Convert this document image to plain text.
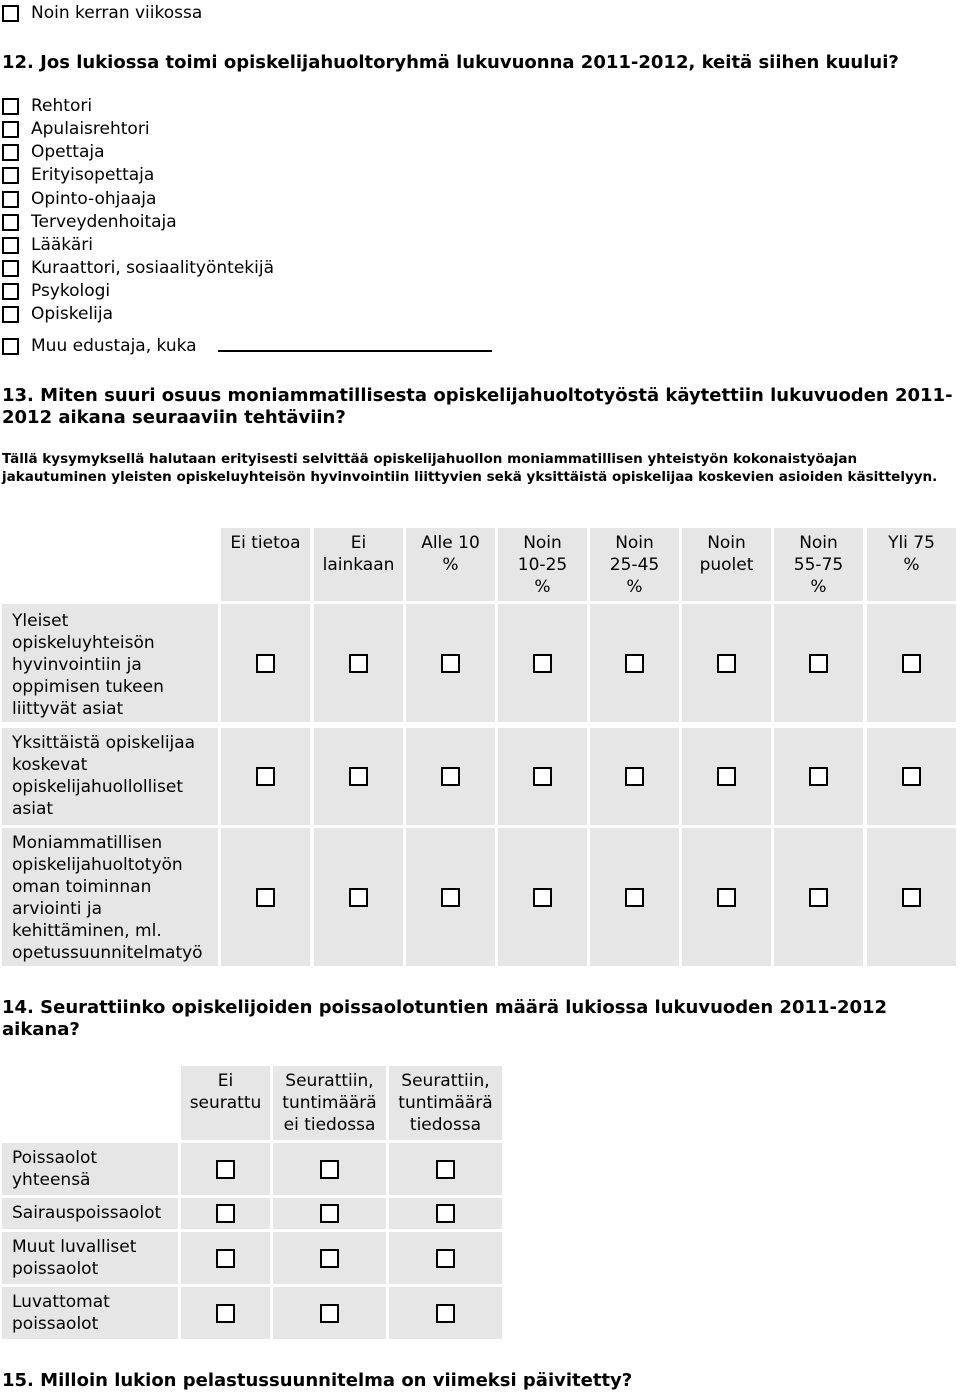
Noin kerran viikossa
12. Jos lukiossa toimi opiskelijahuoltoryhmä lukuvuonna 2011-2012, keitä siihen kuului?
Rehtori
Apulaisrehtori
Opettaja
Erityisopettaja
Opinto-ohjaaja
Terveydenhoitaja
Lääkäri
Kuraattori, sosiaalityöntekijä
Psykologi
Opiskelija
Muu edustaja, kuka
13. Miten suuri osuus moniammatillisesta opiskelijahuoltotyöstä käytettiin lukuvuoden 2011-
2012 aikana seuraaviin tehtäviin?
Tällä kysymyksellä halutaan erityisesti selvittää opiskelijahuollon moniammatillisen yhteistyön kokonaistyöajan jakautuminen yleisten opiskeluyhteisön hyvinvointiin liittyvien sekä yksittäistä opiskelijaa koskevien asioiden käsittelyyn.
Ei tietoa	Ei
lainkaan
Alle 10
%
Noin
10-25
%
Noin
25-45
%
Noin
puolet
Noin
55-75
%
Yli 75
%
Yleiset
opiskeluyhteisön
hyvinvointiin ja
oppimisen tukeen
liittyvät asiat
Yksittäistä opiskelijaa
koskevat
opiskelijahuollolliset
asiat
Moniammatillisen
opiskelijahuoltotyön
oman toiminnan
arviointi ja
kehittäminen, ml.
opetussuunnitelmatyö
14. Seurattiinko opiskelijoiden poissaolotuntien määrä lukiossa lukuvuoden 2011-2012
aikana?
Ei
seurattu
Seurattiin,
tuntimäärä
ei tiedossa
Seurattiin,
tuntimäärä
tiedossa
Poissaolot
yhteensä
Sairauspoissaolot
Muut luvalliset
poissaolot
Luvattomat
poissaolot
15. Milloin lukion pelastussuunnitelma on viimeksi päivitetty?
